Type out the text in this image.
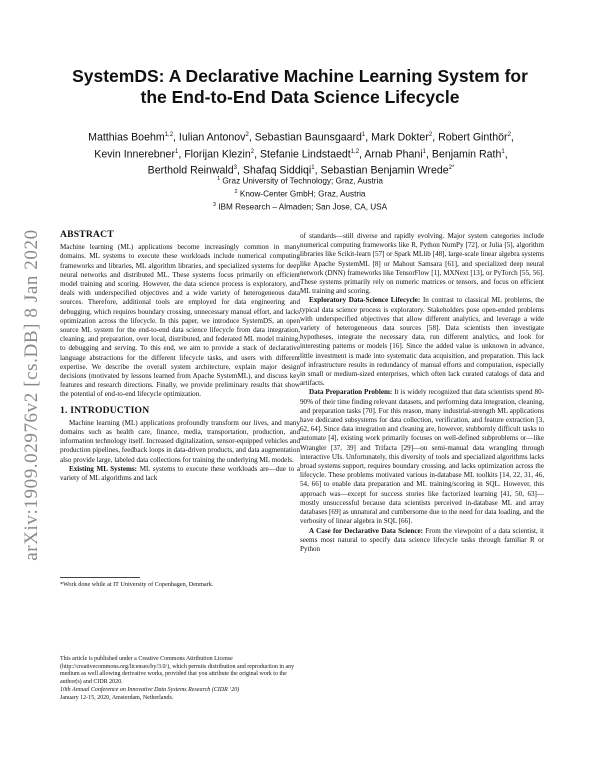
SystemDS: A Declarative Machine Learning System for the End-to-End Data Science Lifecycle
Matthias Boehm$^{1,2}$, Iulian Antonov$^2$, Sebastian Baunsgaard$^1$, Mark Dokter$^2$, Robert Ginthör$^2$, Kevin Innerebner$^1$, Florijan Klezin$^2$, Stefanie Lindstaedt$^{1,2}$, Arnab Phani$^1$, Benjamin Rath$^1$, Berthold Reinwald$^3$, Shafaq Siddiqi$^1$, Sebastian Benjamin Wrede$^{2*}$
$^1$ Graz University of Technology; Graz, Austria
$^2$ Know-Center GmbH; Graz, Austria
$^3$ IBM Research – Almaden; San Jose, CA, USA
arXiv:1909.02976v2 [cs.DB] 8 Jan 2020 ABSTRACT

Machine learning (ML) applications become increasingly common in many domains. ML systems to execute these workloads include numerical computing frameworks and libraries, ML algorithm libraries, and specialized systems for deep neural networks and distributed ML. These systems focus primarily on efficient model training and scoring. However, the data science process is exploratory, and deals with underspecified objectives and a wide variety of heterogeneous data sources. Therefore, additional tools are employed for data engineering and debugging, which requires boundary crossing, unnecessary manual effort, and lacks optimization across the lifecycle. In this paper, we introduce SystemDS, an open source ML system for the end-to-end data science lifecycle from data integration, cleaning, and preparation, over local, distributed, and federated ML model training, to debugging and serving. To this end, we aim to provide a stack of declarative language abstractions for the different lifecycle tasks, and users with different expertise. We describe the overall system architecture, explain major design decisions (motivated by lessons learned from Apache SystemML), and discuss key features and research directions. Finally, we provide preliminary results that show the potential of end-to-end lifecycle optimization.

1. INTRODUCTION

Machine learning (ML) applications profoundly transform our lives, and many domains such as health care, finance, media, transportation, production, and information technology itself. Increased digitalization, sensor-equipped vehicles and production pipelines, feedback loops in data-driven products, and data augmentation also provide large, labeled data collections for training the underlying ML models.

Existing ML Systems: ML systems to execute these workloads are—due to a variety of ML algorithms and lack

*Work done while at IT University of Copenhagen, Denmark.
This article is published under a Creative Commons Attribution License (http://creativecommons.org/licenses/by/3.0/), which permits distribution and reproduction in any medium as well allowing derivative works, provided that you attribute the original work to the author(s) and CIDR 2020.
10th Annual Conference on Innovative Data Systems Research (CIDR ‘20)
January 12-15, 2020, Amsterdam, Netherlands.

of standards—still diverse and rapidly evolving. Major system categories include numerical computing frameworks like R, Python NumPy [72], or Julia [5], algorithm libraries like Scikit-learn [57] or Spark MLlib [48], large-scale linear algebra systems like Apache SystemML [8] or Mahout Samsara [61], and specialized deep neural network (DNN) frameworks like TensorFlow [1], MXNext [13], or PyTorch [55, 56]. These systems primarily rely on numeric matrices or tensors, and focus on efficient ML training and scoring.

Exploratory Data-Science Lifecycle: In contrast to classical ML problems, the typical data science process is exploratory. Stakeholders pose open-ended problems with underspecified objectives that allow different analytics, and leverage a wide variety of heterogeneous data sources [58]. Data scientists then investigate hypotheses, integrate the necessary data, run different analytics, and look for interesting patterns or models [16]. Since the added value is unknown in advance, little investment is made into systematic data acquisition, and preparation. This lack of infrastructure results in redundancy of manual efforts and computation, especially in small or medium-sized enterprises, which often lack curated catalogs of data and artifacts.

Data Preparation Problem: It is widely recognized that data scientists spend 80-90% of their time finding relevant datasets, and performing data integration, cleaning, and preparation tasks [70]. For this reason, many industrial-strength ML applications have dedicated subsystems for data collection, verification, and feature extraction [3, 62, 64]. Since data integration and cleaning are, however, stubbornly difficult tasks to automate [4], existing work primarily focuses on well-defined subproblems or—like Wrangler [37, 39] and Trifacta [29]—on semi-manual data wrangling through interactive UIs. Unfortunately, this diversity of tools and specialized algorithms lacks broad systems support, requires boundary crossing, and lacks optimization across the lifecycle. These problems motivated various in-database ML toolkits [14, 22, 31, 46, 54, 66] to enable data preparation and ML training/scoring in SQL. However, this approach was—except for success stories like factorized learning [41, 50, 63]—mostly unsuccessful because data scientists perceived in-database ML and array databases [69] as unnatural and cumbersome due to the need for data loading, and the verbosity of linear algebra in SQL [66].

A Case for Declarative Data Science: From the viewpoint of a data scientist, it seems most natural to specify data science lifecycle tasks through familiar R or Python
